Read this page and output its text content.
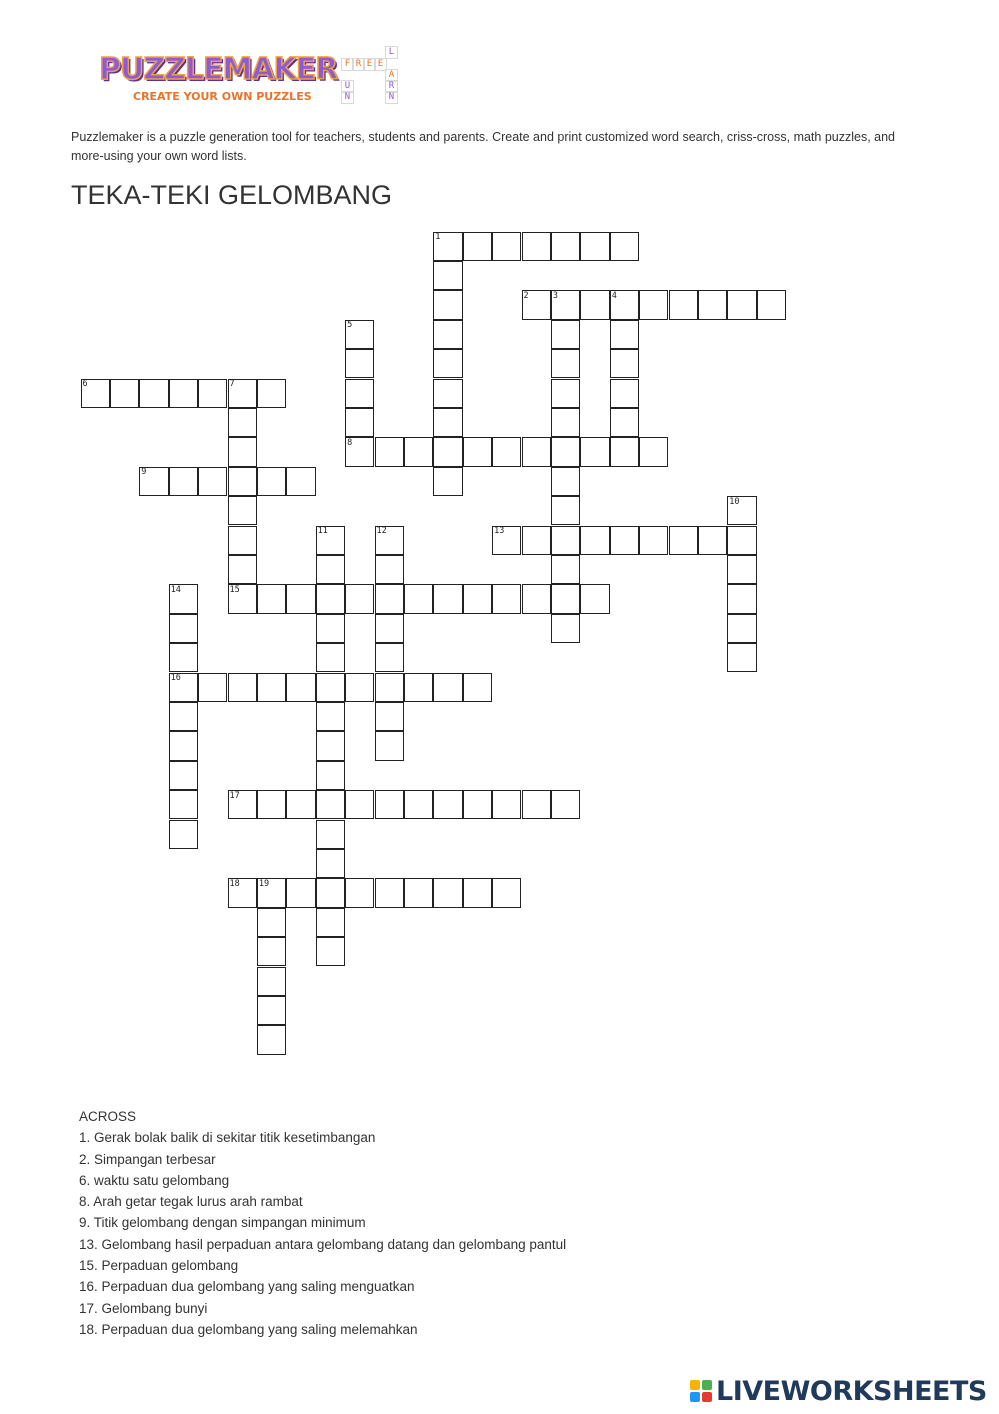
PUZZLEMAKER
CREATE YOUR OWN PUZZLES
F R E E
L
U
N
A
R
N
Puzzlemaker is a puzzle generation tool for teachers, students and parents. Create and print customized word search, criss-cross, math puzzles, and more-using your own word lists.
TEKA-TEKI GELOMBANG
1
2	3	4
5
6	7
8
9
10
11	12	13
14	15
16
17
18 19
ACROSS
1. Gerak bolak balik di sekitar titik kesetimbangan
2. Simpangan terbesar
6. waktu satu gelombang
8. Arah getar tegak lurus arah rambat
9. Titik gelombang dengan simpangan minimum
13. Gelombang hasil perpaduan antara gelombang datang dan gelombang pantul
15. Perpaduan gelombang
16. Perpaduan dua gelombang yang saling menguatkan
17. Gelombang bunyi
18. Perpaduan dua gelombang yang saling melemahkan
LIVEWORKSHEETS
